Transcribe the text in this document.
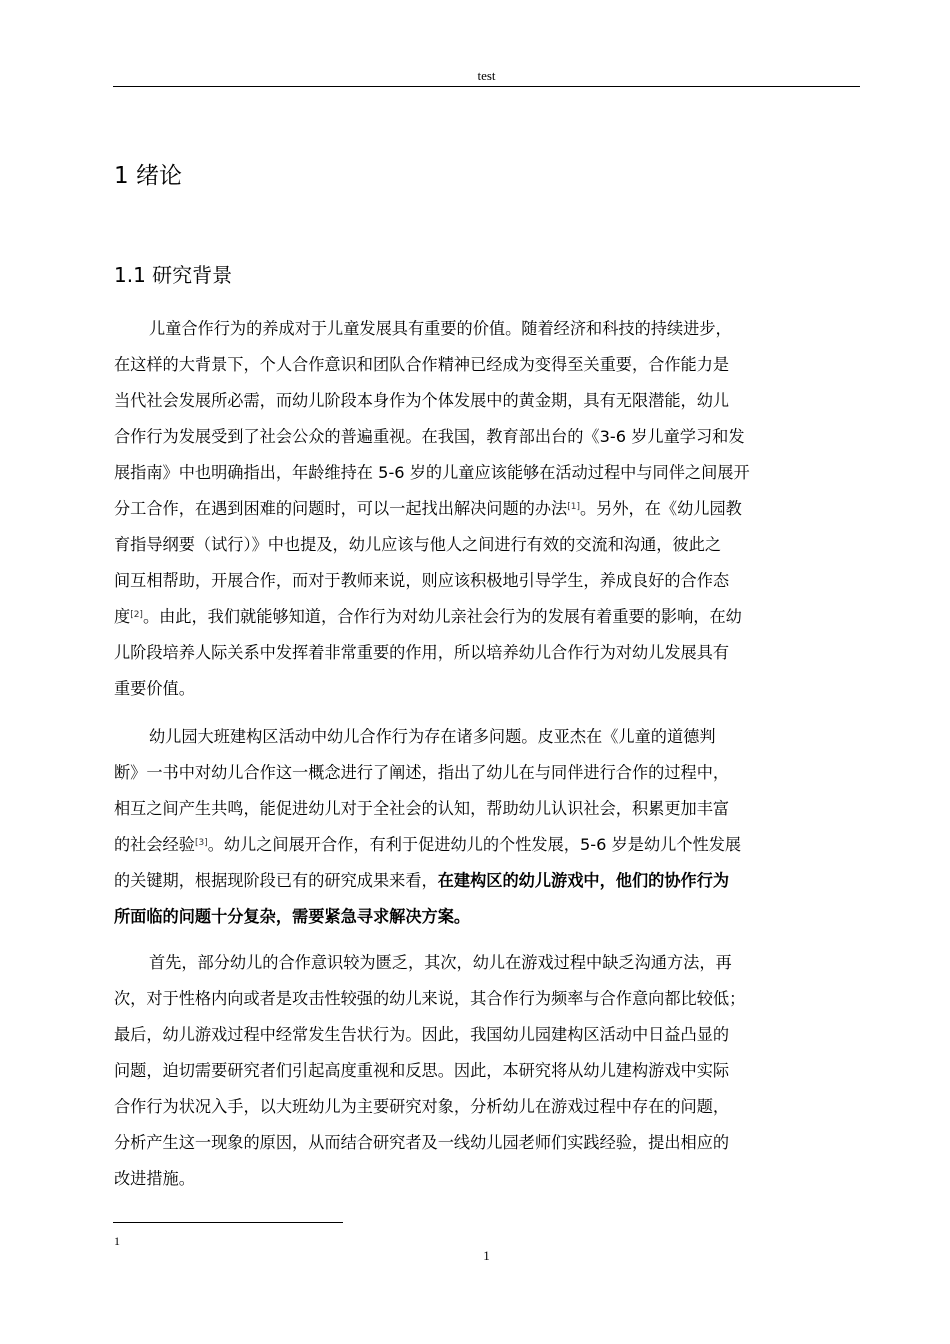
test
1 绪论
1.1 研究背景
儿童合作行为的养成对于儿童发展具有重要的价值。随着经济和科技的持续进步，
在这样的大背景下，个人合作意识和团队合作精神已经成为变得至关重要，合作能力是
当代社会发展所必需，而幼儿阶段本身作为个体发展中的黄金期，具有无限潜能，幼儿
合作行为发展受到了社会公众的普遍重视。在我国，教育部出台的《3-6 岁儿童学习和发
展指南》中也明确指出，年龄维持在 5-6 岁的儿童应该能够在活动过程中与同伴之间展开
分工合作，在遇到困难的问题时，可以一起找出解决问题的办法[1]。另外，在《幼儿园教
育指导纲要（试行）》中也提及，幼儿应该与他人之间进行有效的交流和沟通，彼此之
间互相帮助，开展合作，而对于教师来说，则应该积极地引导学生，养成良好的合作态
度[2]。由此，我们就能够知道，合作行为对幼儿亲社会行为的发展有着重要的影响，在幼
儿阶段培养人际关系中发挥着非常重要的作用，所以培养幼儿合作行为对幼儿发展具有
重要价值。
幼儿园大班建构区活动中幼儿合作行为存在诸多问题。皮亚杰在《儿童的道德判
断》一书中对幼儿合作这一概念进行了阐述，指出了幼儿在与同伴进行合作的过程中，
相互之间产生共鸣，能促进幼儿对于全社会的认知，帮助幼儿认识社会，积累更加丰富
的社会经验[3]。幼儿之间展开合作，有利于促进幼儿的个性发展，5-6 岁是幼儿个性发展
的关键期，根据现阶段已有的研究成果来看，在建构区的幼儿游戏中，他们的协作行为
所面临的问题十分复杂，需要紧急寻求解决方案。
首先，部分幼儿的合作意识较为匮乏，其次，幼儿在游戏过程中缺乏沟通方法，再
次，对于性格内向或者是攻击性较强的幼儿来说，其合作行为频率与合作意向都比较低；
最后，幼儿游戏过程中经常发生告状行为。因此，我国幼儿园建构区活动中日益凸显的
问题，迫切需要研究者们引起高度重视和反思。因此，本研究将从幼儿建构游戏中实际
合作行为状况入手，以大班幼儿为主要研究对象，分析幼儿在游戏过程中存在的问题，
分析产生这一现象的原因，从而结合研究者及一线幼儿园老师们实践经验，提出相应的
改进措施。
1
1
